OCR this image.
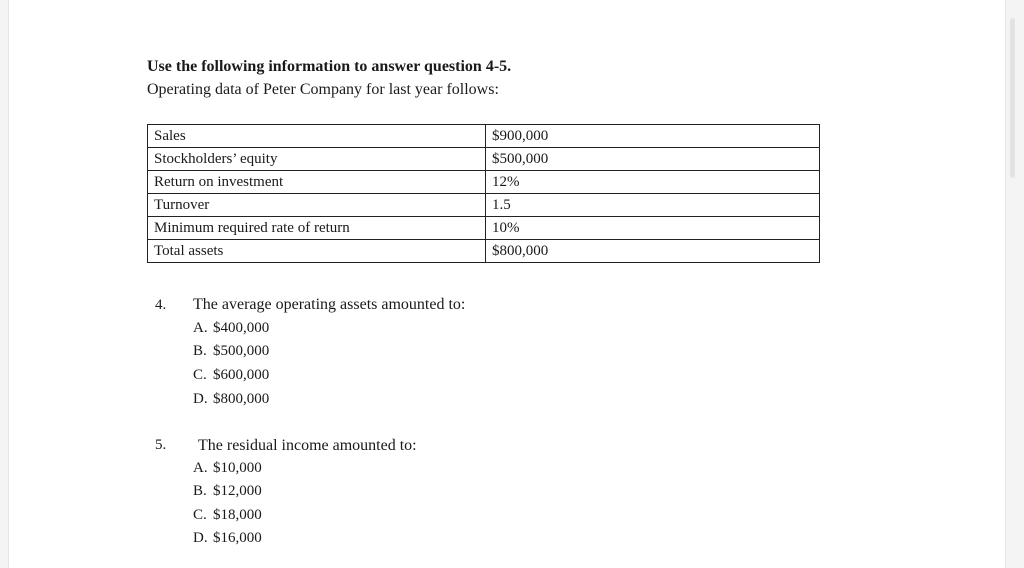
Use the following information to answer question 4-5.
Operating data of Peter Company for last year follows:
Sales	$900,000
Stockholders’ equity	$500,000
Return on investment	12%
Turnover	1.5
Minimum required rate of return	10%
Total assets	$800,000
4. The average operating assets amounted to:
A. $400,000
B. $500,000
C. $600,000
D. $800,000
5. The residual income amounted to:
A. $10,000
B. $12,000
C. $18,000
D. $16,000
